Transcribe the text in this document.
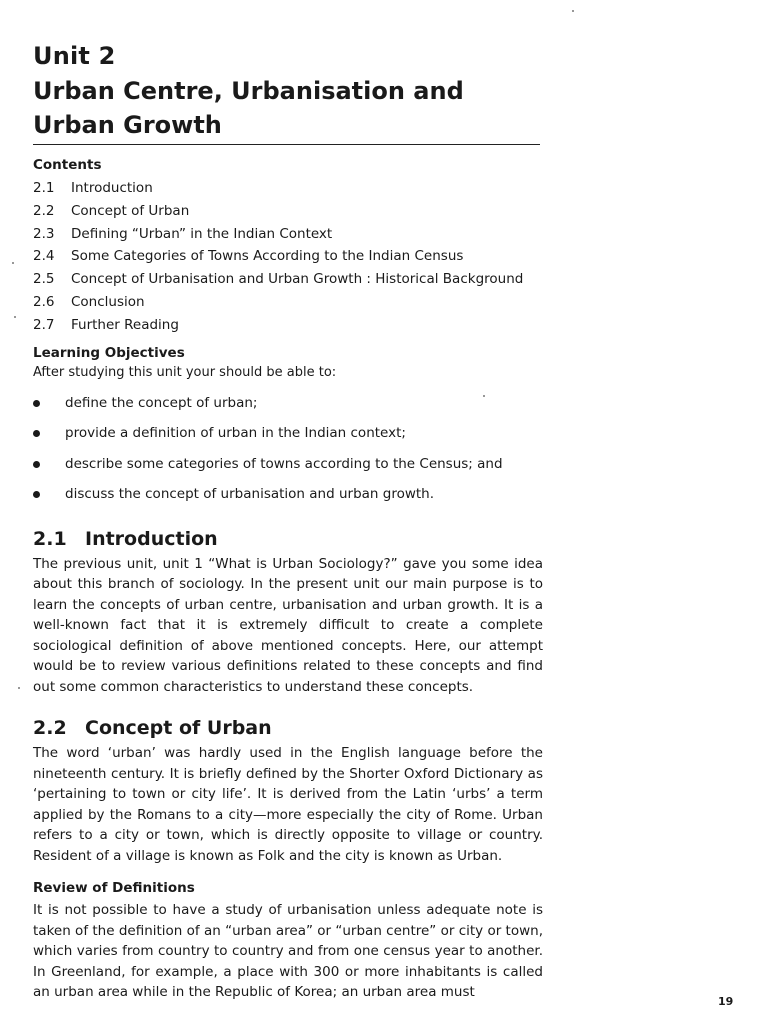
Unit 2
Urban Centre, Urbanisation and Urban Growth
Contents
2.1 Introduction
2.2 Concept of Urban
2.3 Defining “Urban” in the Indian Context
2.4 Some Categories of Towns According to the Indian Census
2.5 Concept of Urbanisation and Urban Growth : Historical Background
2.6 Conclusion
2.7 Further Reading
Learning Objectives

After studying this unit your should be able to:

define the concept of urban;
provide a definition of urban in the Indian context;
describe some categories of towns according to the Census; and
discuss the concept of urbanisation and urban growth.
2.1 Introduction

The previous unit, unit 1 “What is Urban Sociology?” gave you some idea about this branch of sociology. In the present unit our main purpose is to learn the concepts of urban centre, urbanisation and urban growth. It is a well-known fact that it is extremely difficult to create a complete sociological definition of above mentioned concepts. Here, our attempt would be to review various definitions related to these concepts and find out some common characteristics to understand these concepts.

2.2 Concept of Urban

The word ‘urban’ was hardly used in the English language before the nineteenth century. It is briefly defined by the Shorter Oxford Dictionary as ‘pertaining to town or city life’. It is derived from the Latin ‘urbs’ a term applied by the Romans to a city—more especially the city of Rome. Urban refers to a city or town, which is directly opposite to village or country. Resident of a village is known as Folk and the city is known as Urban.

Review of Definitions

It is not possible to have a study of urbanisation unless adequate note is taken of the definition of an “urban area” or “urban centre” or city or town, which varies from country to country and from one census year to another. In Greenland, for example, a place with 300 or more inhabitants is called an urban area while in the Republic of Korea; an urban area must

19
